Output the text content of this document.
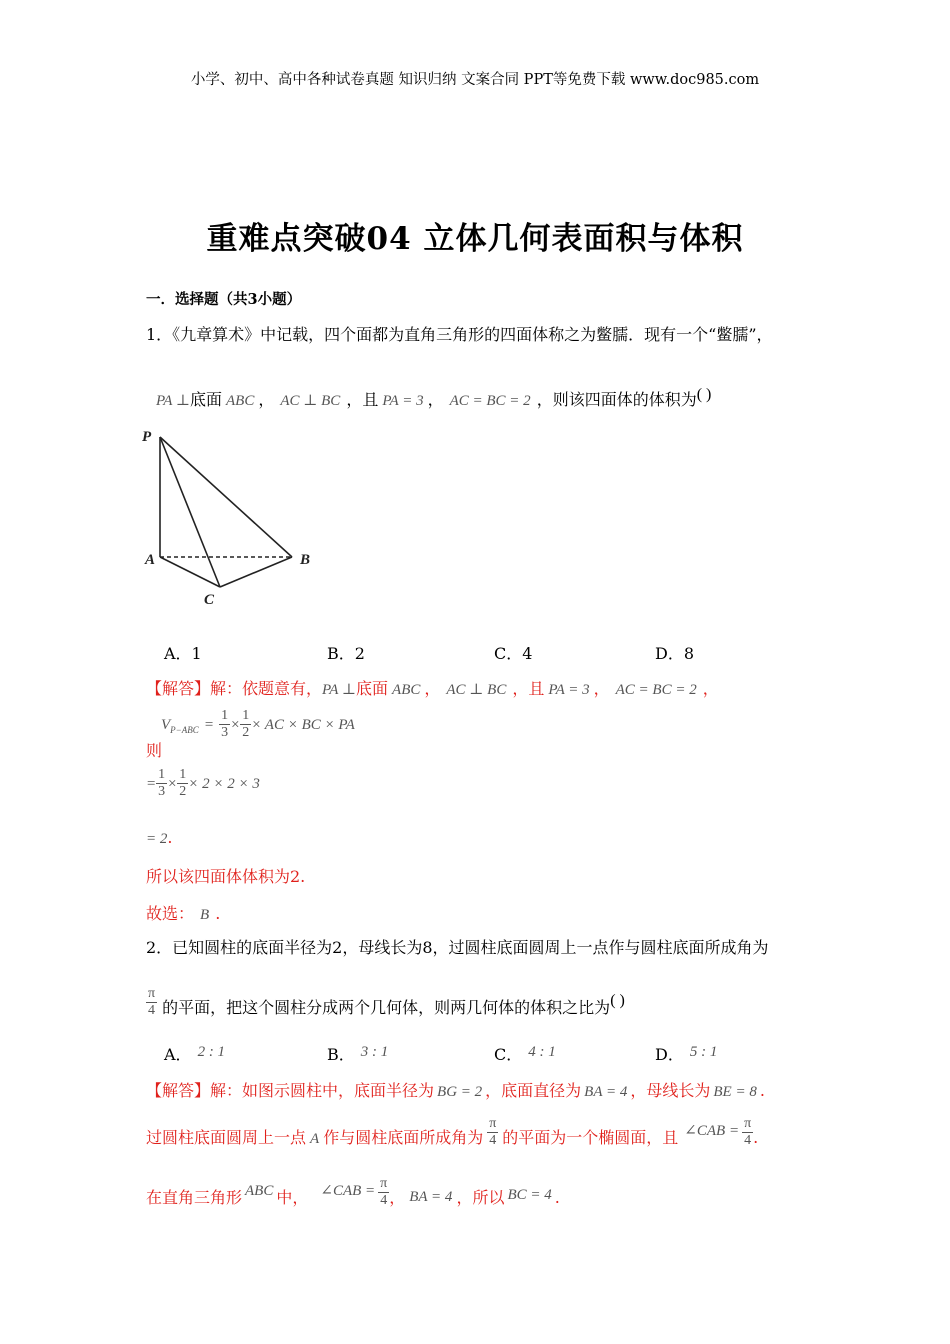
小学、初中、高中各种试卷真题 知识归纳 文案合同 PPT等免费下载 www.doc985.com
重难点突破04 立体几何表面积与体积
一．选择题（共3小题）
1．《九章算术》中记载，四个面都为直角三角形的四面体称之为鳖臑．现有一个“鳖臑”，
PA ⊥底面 ABC ， AC ⊥ BC ，且 PA = 3 ， AC = BC = 2 ，则该四面体的体积为( )
P
A	B
C
A．1	B．2	C．4	D．8
【解答】解：依题意有，PA ⊥底面 ABC ， AC ⊥ BC ，且 PA = 3 ， AC = BC = 2 ，
$V_{P-ABC} = \frac{1}{3} \times \frac{1}{2}$ × AC × BC × PA
则
= $\frac{1}{3} \times \frac{1}{2} \times 2 \times 2 \times 3$
= 2.
所以该四面体体积为2.
故选： B .
2．已知圆柱的底面半径为2，母线长为8，过圆柱底面圆周上一点作与圆柱底面所成角为
$\frac{\pi}{4}$ 的平面，把这个圆柱分成两个几何体，则两几何体的体积之比为( )
A． 2 : 1	B． 3 : 1	C． 4 : 1	D． 5 : 1
【解答】解：如图示圆柱中，底面半径为 BG = 2 ，底面直径为 BA = 4 ，母线长为 BE = 8 .
过圆柱底面圆周上一点 A 作与圆柱底面所成角为 $\frac{\pi}{4}$ 的平面为一个椭圆面，且 ∠CAB = $\frac{\pi}{4}$ .
在直角三角形 ABC 中， ∠CAB = $\frac{\pi}{4}$ ， BA = 4 ，所以 BC = 4 .
